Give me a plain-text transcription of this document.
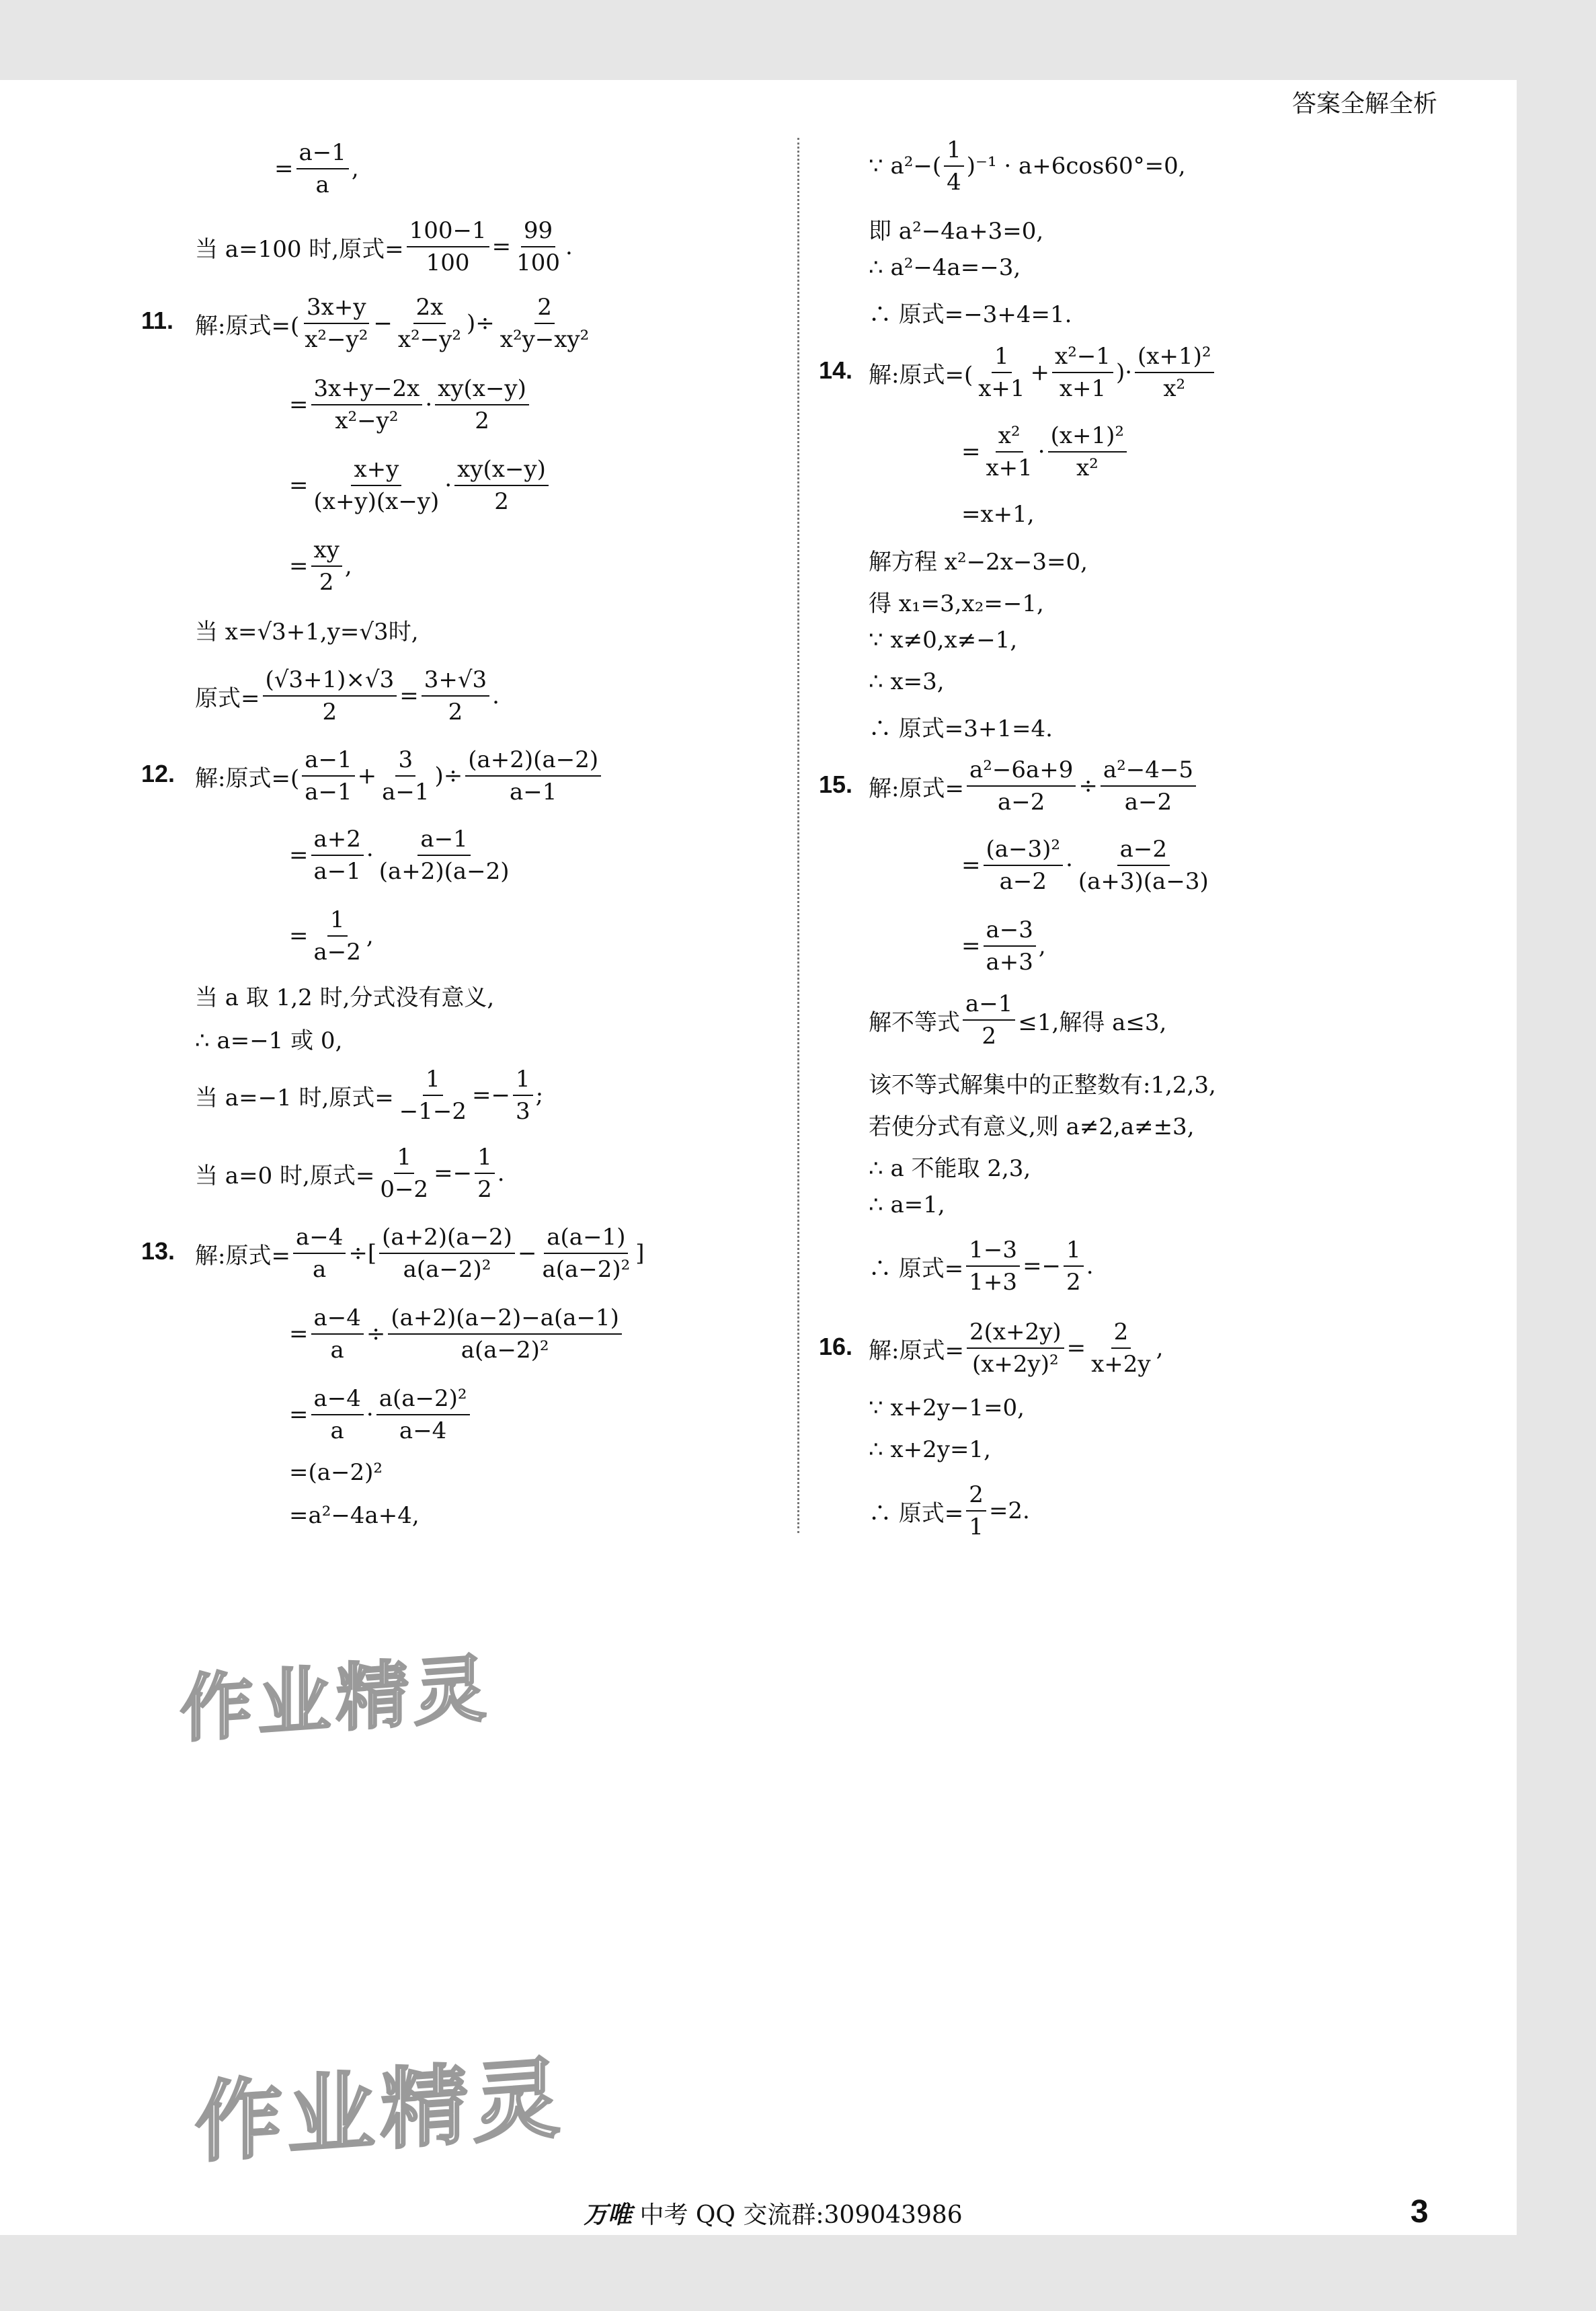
答案全解全析
= $\frac{a-1}{a}$ ,
当 a=100 时,原式= $\frac{100-1}{100} = \frac{99}{100}$ .
11. 解:原式=( $\frac{3x+y}{\text{x²−y²}} - \frac{2x}{\text{x²−y²}}$ )÷ $\frac{2}{\text{x²y−xy²}}$
= $\frac{3x+y-2x}{\text{x²−y²}} \cdot \frac{xy(x-y)}{2}$
= $\frac{x+y}{(x+y)(x-y)} \cdot \frac{xy(x-y)}{2}$
= $\frac{xy}{2}$ ,
当 x=√3+1,y=√3时,
原式= $\frac{(√3+1)\times√3}{2} = \frac{3+√3}{2}$ .
12. 解:原式=( $\frac{a-1}{a-1} + \frac{3}{a-1}$ )÷ $\frac{(a+2)(a-2)}{a-1}$
= $\frac{a+2}{a-1} \cdot \frac{a-1}{(a+2)(a-2)}$
= $\frac{1}{a-2}$ ,
当 a 取 1,2 时,分式没有意义,
∴ a=−1 或 0,
当 a=−1 时,原式= $\frac{1}{-1-2} =- \frac{1}{3}$ ;
当 a=0 时,原式= $\frac{1}{0-2} =- \frac{1}{2}$ .
13. 解:原式= $\frac{a-4}{a}$ ÷[ $\frac{(a+2)(a-2)}{\text{a(a−2)²}} - \frac{a(a-1)}{\text{a(a−2)²}}$ ]
= $\frac{a-4}{a} \div \frac{(a+2)(a-2)-a(a-1)}{\text{a(a−2)²}}$
= $\frac{a-4}{a} \cdot \frac{\text{a(a−2)²}}{a-4}$
=(a−2)²
=a²−4a+4,
∵ $a^2-( \frac{1}{4} )^{-1} \cdot a+6\cos 60^\circ=0$,
即 a²−4a+3=0,
∴ a²−4a=−3,
∴ 原式=−3+4=1.
14. 解:原式=( $\frac{1}{x+1} + \frac{\text{x²−1}}{x+1}$ )· $\frac{\text{(x+1)²}}{\text{x²}}$
= $\frac{\text{x²}}{x+1} \cdot \frac{\text{(x+1)²}}{\text{x²}}$
=x+1,
解方程 x²−2x−3=0,
得 x₁=3,x₂=−1,
∵ x≠0,x≠−1,
∴ x=3,
∴ 原式=3+1=4.
15. 解:原式= $\frac{\text{a²−6a+9}}{a-2} \div \frac{\text{a²−4−5}}{a-2}$
= $\frac{\text{(a−3)²}}{a-2} \cdot \frac{a-2}{(a+3)(a-3)}$
= $\frac{a-3}{a+3}$ ,
解不等式 $\frac{a-1}{2} \le 1$,解得 a≤3,
该不等式解集中的正整数有:1,2,3,
若使分式有意义,则 a≠2,a≠±3,
∴ a 不能取 2,3,
∴ a=1,
∴ 原式= $\frac{1-3}{1+3} =- \frac{1}{2}$ .
16. 解:原式= $\frac{2(x+2y)}{\text{(x+2y)²}} = \frac{2}{x+2y}$ ,
∵ x+2y−1=0,
∴ x+2y=1,
∴ 原式= $\frac{2}{1} =2$.
作业精灵
作业精灵
万唯 中考 QQ 交流群:309043986	3
